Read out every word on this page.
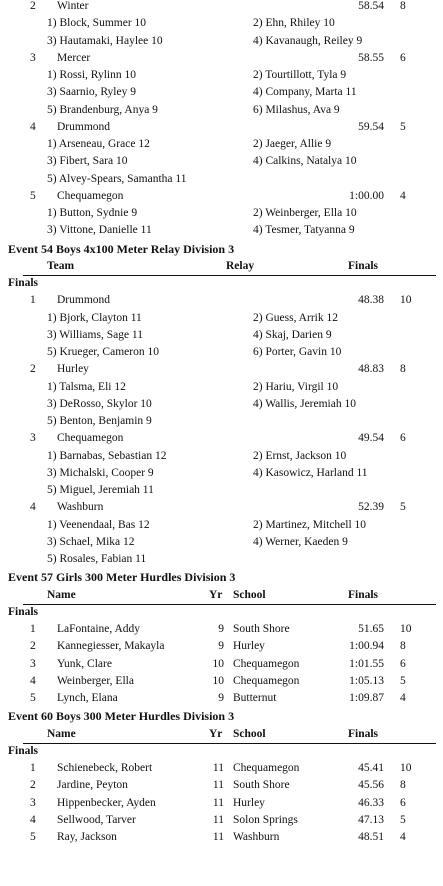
2 Winter	58.54 8
1) Block, Summer 10	2) Ehn, Rhiley 10
3) Hautamaki, Haylee 10	4) Kavanaugh, Reiley 9
3 Mercer	58.55 6
1) Rossi, Rylinn 10	2) Tourtillott, Tyla 9
3) Saarnio, Ryley 9	4) Company, Marta 11
5) Brandenburg, Anya 9	6) Milashus, Ava 9
4 Drummond	59.54 5
1) Arseneau, Grace 12	2) Jaeger, Allie 9
3) Fibert, Sara 10	4) Calkins, Natalya 10
5) Alvey-Spears, Samantha 11
5 Chequamegon	1:00.00 4
1) Button, Sydnie 9	2) Weinberger, Ella 10
3) Vittone, Danielle 11	4) Tesmer, Tatyanna 9
Event 54 Boys 4x100 Meter Relay Division 3
Team	Relay	Finals
Finals
1 Drummond	48.38 10
1) Bjork, Clayton 11	2) Guess, Arrik 12
3) Williams, Sage 11	4) Skaj, Darien 9
5) Krueger, Cameron 10	6) Porter, Gavin 10
2 Hurley	48.83 8
1) Talsma, Eli 12	2) Hariu, Virgil 10
3) DeRosso, Skylor 10	4) Wallis, Jeremiah 10
5) Benton, Benjamin 9
3 Chequamegon	49.54 6
1) Barnabas, Sebastian 12	2) Ernst, Jackson 10
3) Michalski, Cooper 9	4) Kasowicz, Harland 11
5) Miguel, Jeremiah 11
4 Washburn	52.39 5
1) Veenendaal, Bas 12	2) Martinez, Mitchell 10
3) Schael, Mika 12	4) Werner, Kaeden 9
5) Rosales, Fabian 11
Event 57 Girls 300 Meter Hurdles Division 3
Name	Yr School	Finals
Finals
1 LaFontaine, Addy	9 South Shore	51.65 10
2 Kannegiesser, Makayla	9 Hurley	1:00.94 8
3 Yunk, Clare	10 Chequamegon	1:01.55 6
4 Weinberger, Ella	10 Chequamegon	1:05.13 5
5 Lynch, Elana	9 Butternut	1:09.87 4
Event 60 Boys 300 Meter Hurdles Division 3
Name	Yr School	Finals
Finals
1 Schienebeck, Robert	11 Chequamegon	45.41 10
2 Jardine, Peyton	11 South Shore	45.56 8
3 Hippenbecker, Ayden	11 Hurley	46.33 6
4 Sellwood, Tarver	11 Solon Springs	47.13 5
5 Ray, Jackson	11 Washburn	48.51 4
